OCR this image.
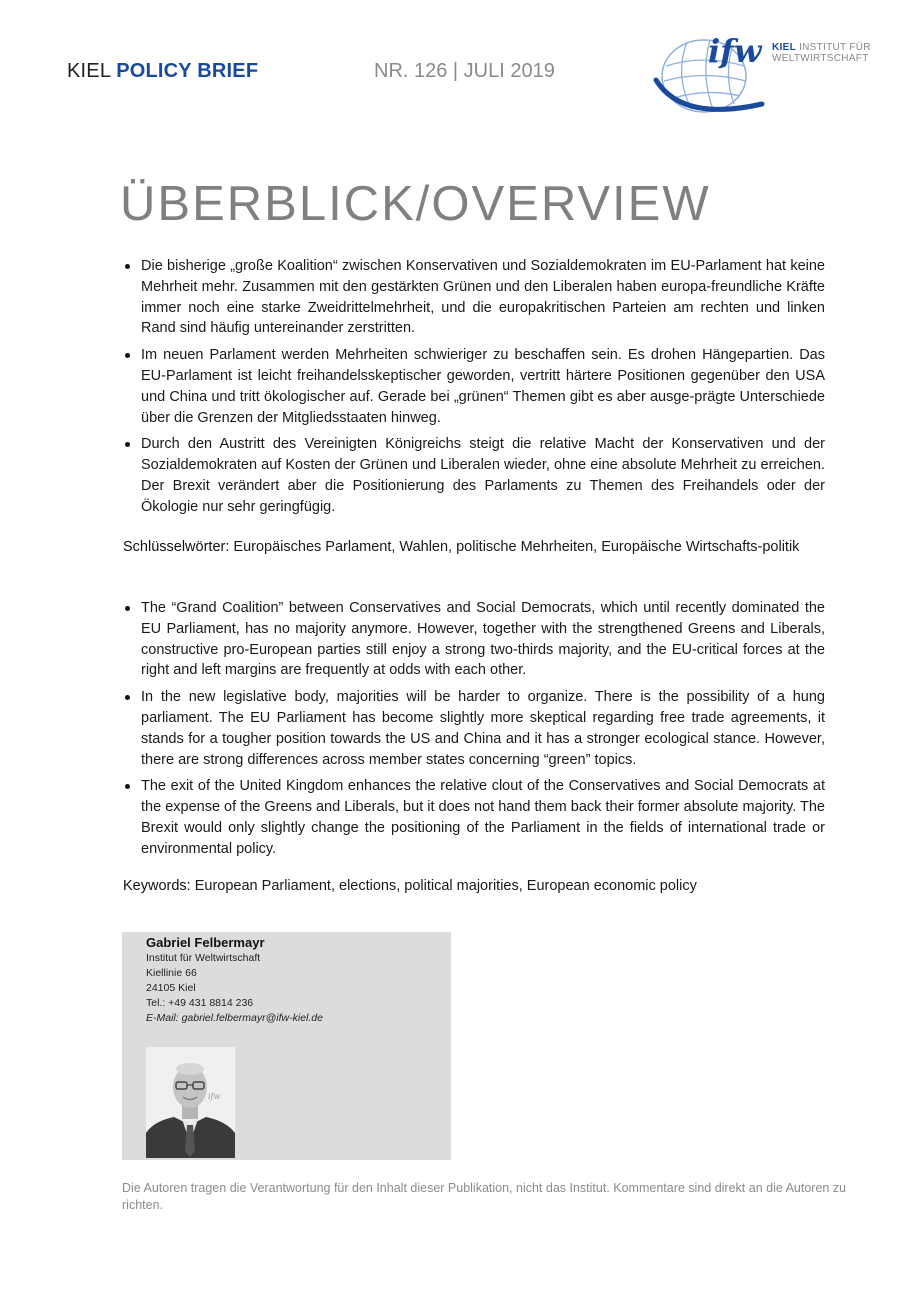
KIEL POLICY BRIEF	NR. 126 | JULI 2019
ifw KIEL INSTITUT FÜR
WELTWIRTSCHAFT
ÜBERBLICK/OVERVIEW
Die bisherige „große Koalition“ zwischen Konservativen und Sozialdemokraten im EU-Parlament hat keine Mehrheit mehr. Zusammen mit den gestärkten Grünen und den Liberalen haben europa-freundliche Kräfte immer noch eine starke Zweidrittelmehrheit, und die europakritischen Parteien am rechten und linken Rand sind häufig untereinander zerstritten.
Im neuen Parlament werden Mehrheiten schwieriger zu beschaffen sein. Es drohen Hängepartien. Das EU-Parlament ist leicht freihandelsskeptischer geworden, vertritt härtere Positionen gegenüber den USA und China und tritt ökologischer auf. Gerade bei „grünen“ Themen gibt es aber ausge-prägte Unterschiede über die Grenzen der Mitgliedsstaaten hinweg.
Durch den Austritt des Vereinigten Königreichs steigt die relative Macht der Konservativen und der Sozialdemokraten auf Kosten der Grünen und Liberalen wieder, ohne eine absolute Mehrheit zu erreichen. Der Brexit verändert aber die Positionierung des Parlaments zu Themen des Freihandels oder der Ökologie nur sehr geringfügig.
Schlüsselwörter: Europäisches Parlament, Wahlen, politische Mehrheiten, Europäische Wirtschafts-politik
The “Grand Coalition” between Conservatives and Social Democrats, which until recently dominated the EU Parliament, has no majority anymore. However, together with the strengthened Greens and Liberals, constructive pro-European parties still enjoy a strong two-thirds majority, and the EU-critical forces at the right and left margins are frequently at odds with each other.
In the new legislative body, majorities will be harder to organize. There is the possibility of a hung parliament. The EU Parliament has become slightly more skeptical regarding free trade agreements, it stands for a tougher position towards the US and China and it has a stronger ecological stance. However, there are strong differences across member states concerning “green” topics.
The exit of the United Kingdom enhances the relative clout of the Conservatives and Social Democrats at the expense of the Greens and Liberals, but it does not hand them back their former absolute majority. The Brexit would only slightly change the positioning of the Parliament in the fields of international trade or environmental policy.
Keywords: European Parliament, elections, political majorities, European economic policy
Gabriel Felbermayr
Institut für Weltwirtschaft
Kiellinie 66
24105 Kiel
Tel.: +49 431 8814 236
E-Mail: gabriel.felbermayr@ifw-kiel.de
ifw
Die Autoren tragen die Verantwortung für den Inhalt dieser Publikation, nicht das Institut. Kommentare sind direkt an die Autoren zu richten.
